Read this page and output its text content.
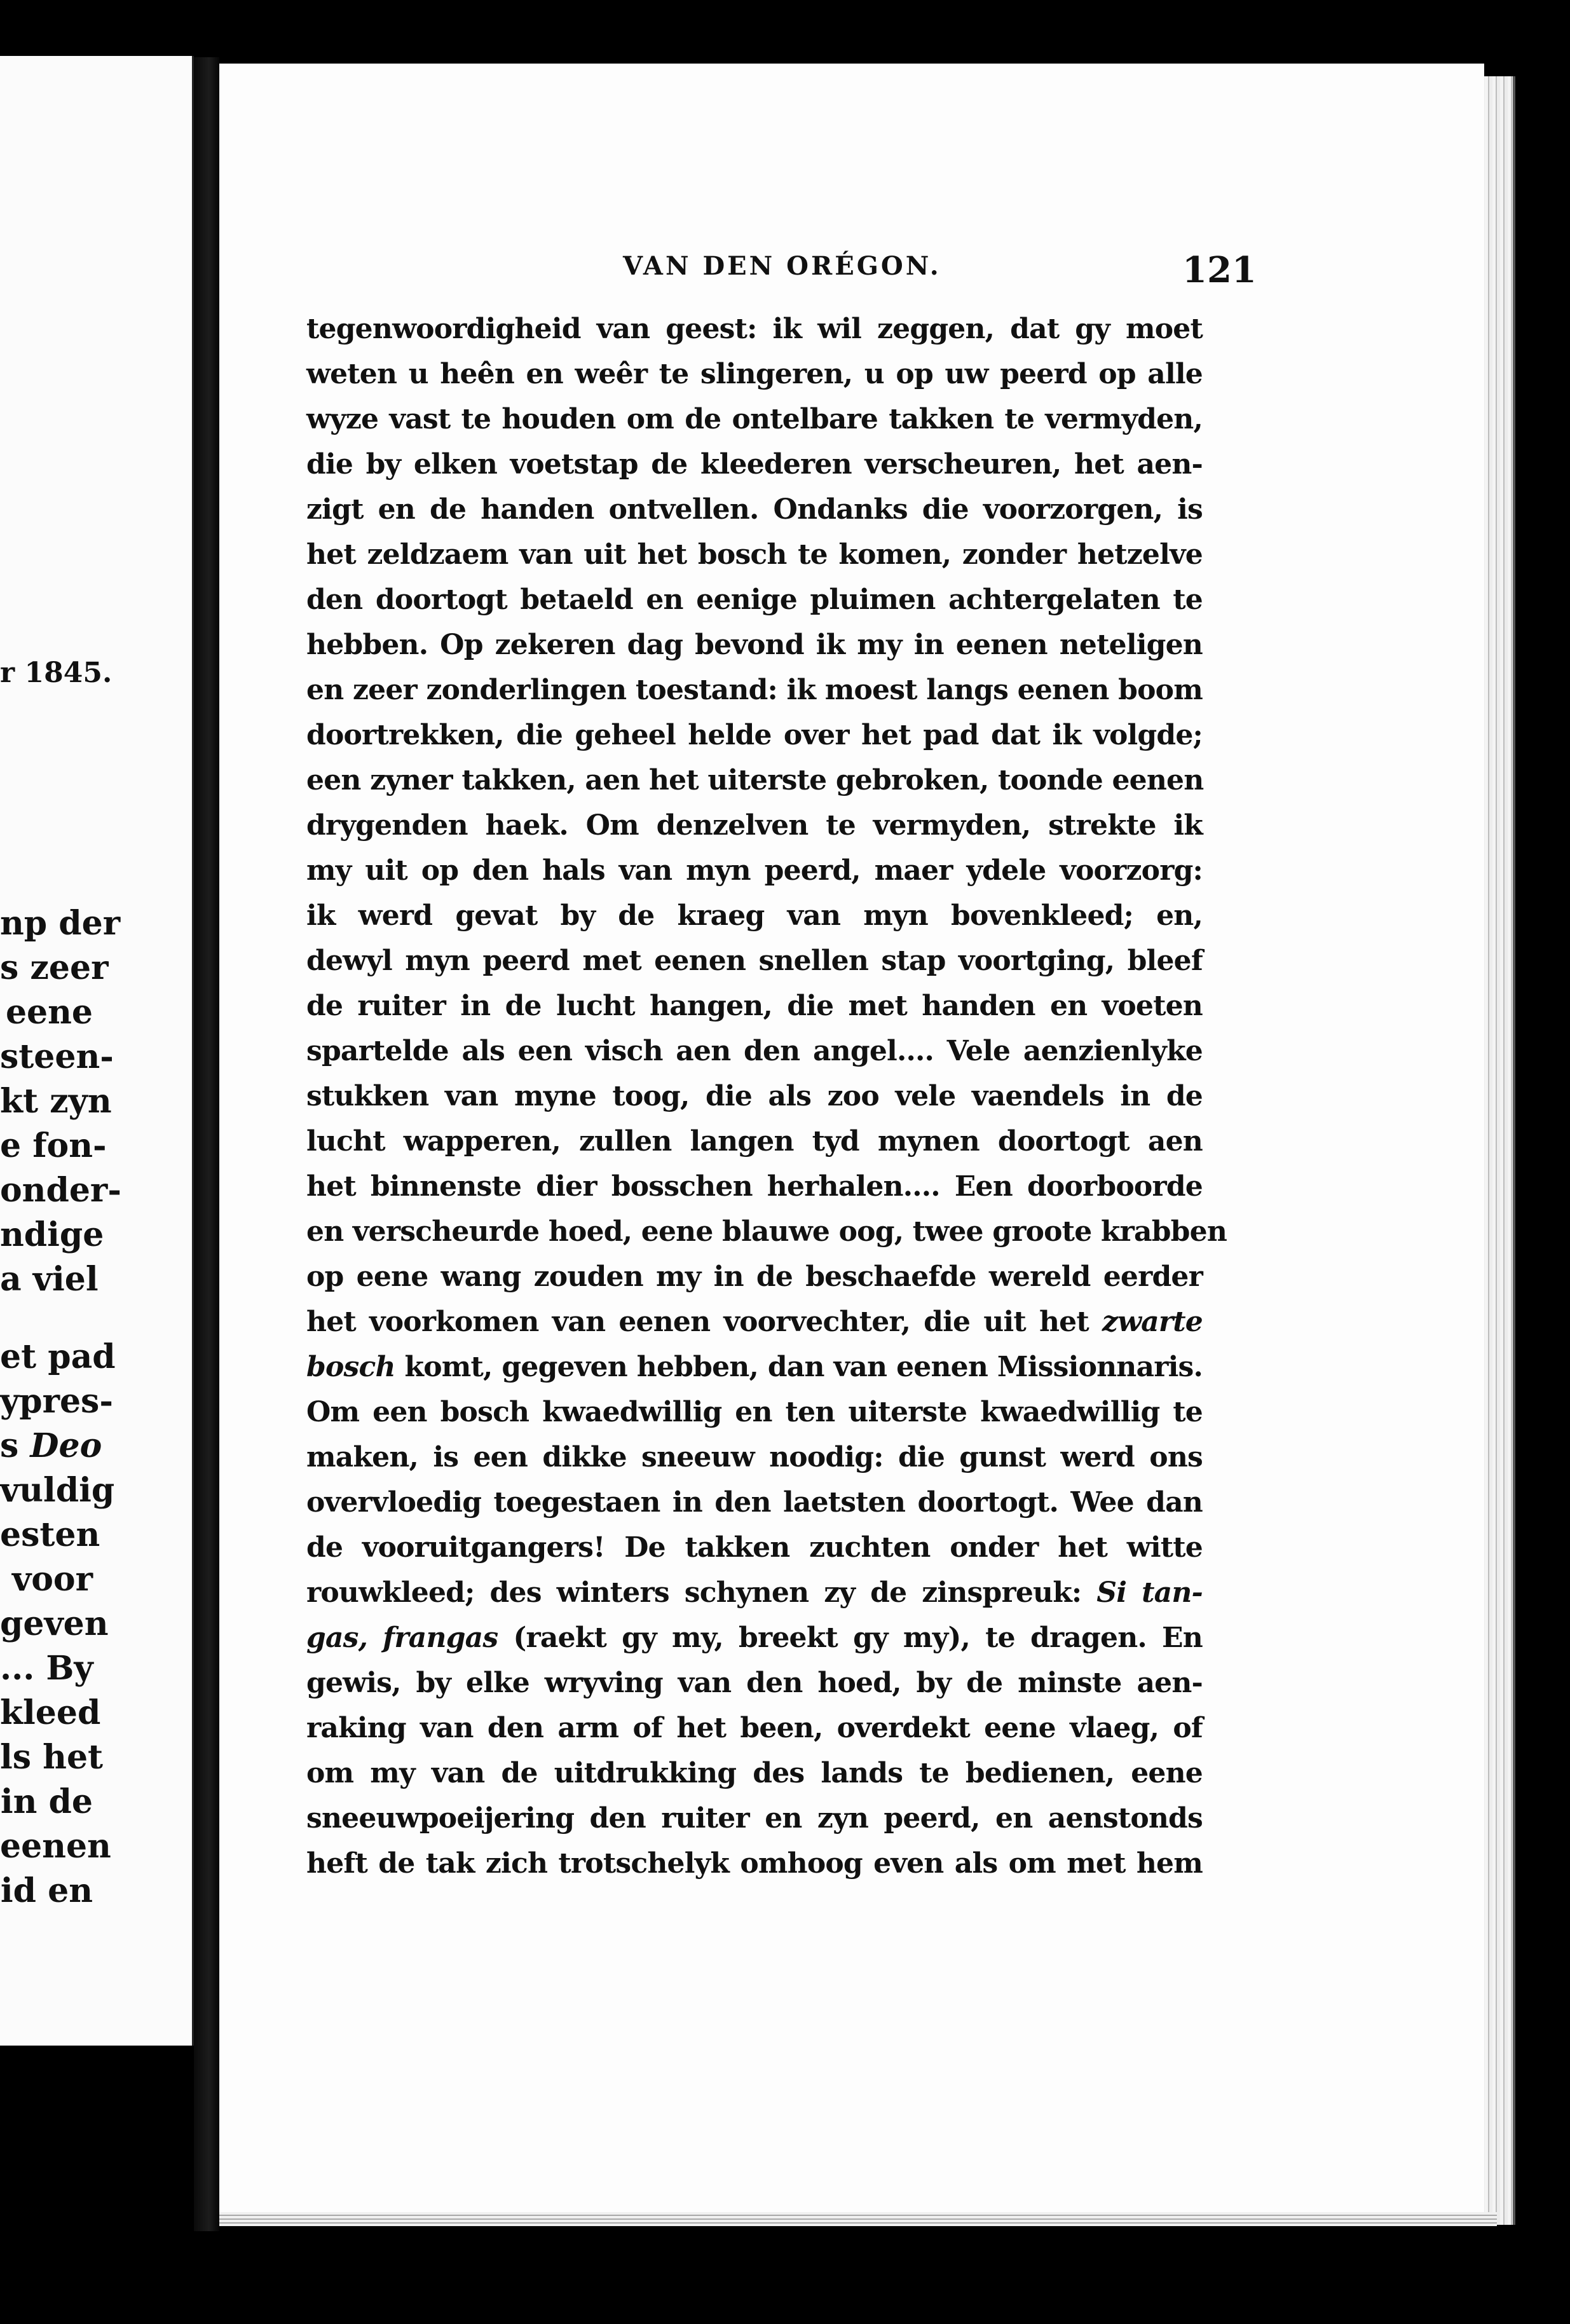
r 1845.
np der
s zeer
eene
steen-
kt zyn
e fon-
onder-
ndige
a viel
et pad
ypres-
s Deo
vuldig
esten
voor
geven
... By
kleed
ls het
in de
eenen
id en
VAN DEN ORÉGON.	121
tegenwoordigheid van geest: ik wil zeggen, dat gy moet
weten u heên en weêr te slingeren, u op uw peerd op alle
wyze vast te houden om de ontelbare takken te vermyden,
die by elken voetstap de kleederen verscheuren, het aen-
zigt en de handen ontvellen. Ondanks die voorzorgen, is
het zeldzaem van uit het bosch te komen, zonder hetzelve
den doortogt betaeld en eenige pluimen achtergelaten te
hebben. Op zekeren dag bevond ik my in eenen neteligen
en zeer zonderlingen toestand: ik moest langs eenen boom
doortrekken, die geheel helde over het pad dat ik volgde;
een zyner takken, aen het uiterste gebroken, toonde eenen
drygenden haek. Om denzelven te vermyden, strekte ik
my uit op den hals van myn peerd, maer ydele voorzorg:
ik werd gevat by de kraeg van myn bovenkleed; en,
dewyl myn peerd met eenen snellen stap voortging, bleef
de ruiter in de lucht hangen, die met handen en voeten
spartelde als een visch aen den angel.... Vele aenzienlyke
stukken van myne toog, die als zoo vele vaendels in de
lucht wapperen, zullen langen tyd mynen doortogt aen
het binnenste dier bosschen herhalen.... Een doorboorde
en verscheurde hoed, eene blauwe oog, twee groote krabben
op eene wang zouden my in de beschaefde wereld eerder
het voorkomen van eenen voorvechter, die uit het zwarte
bosch komt, gegeven hebben, dan van eenen Missionnaris.
Om een bosch kwaedwillig en ten uiterste kwaedwillig te
maken, is een dikke sneeuw noodig: die gunst werd ons
overvloedig toegestaen in den laetsten doortogt. Wee dan
de vooruitgangers! De takken zuchten onder het witte
rouwkleed; des winters schynen zy de zinspreuk: Si tan-
gas, frangas (raekt gy my, breekt gy my), te dragen. En
gewis, by elke wryving van den hoed, by de minste aen-
raking van den arm of het been, overdekt eene vlaeg, of
om my van de uitdrukking des lands te bedienen, eene
sneeuwpoeijering den ruiter en zyn peerd, en aenstonds
heft de tak zich trotschelyk omhoog even als om met hem
